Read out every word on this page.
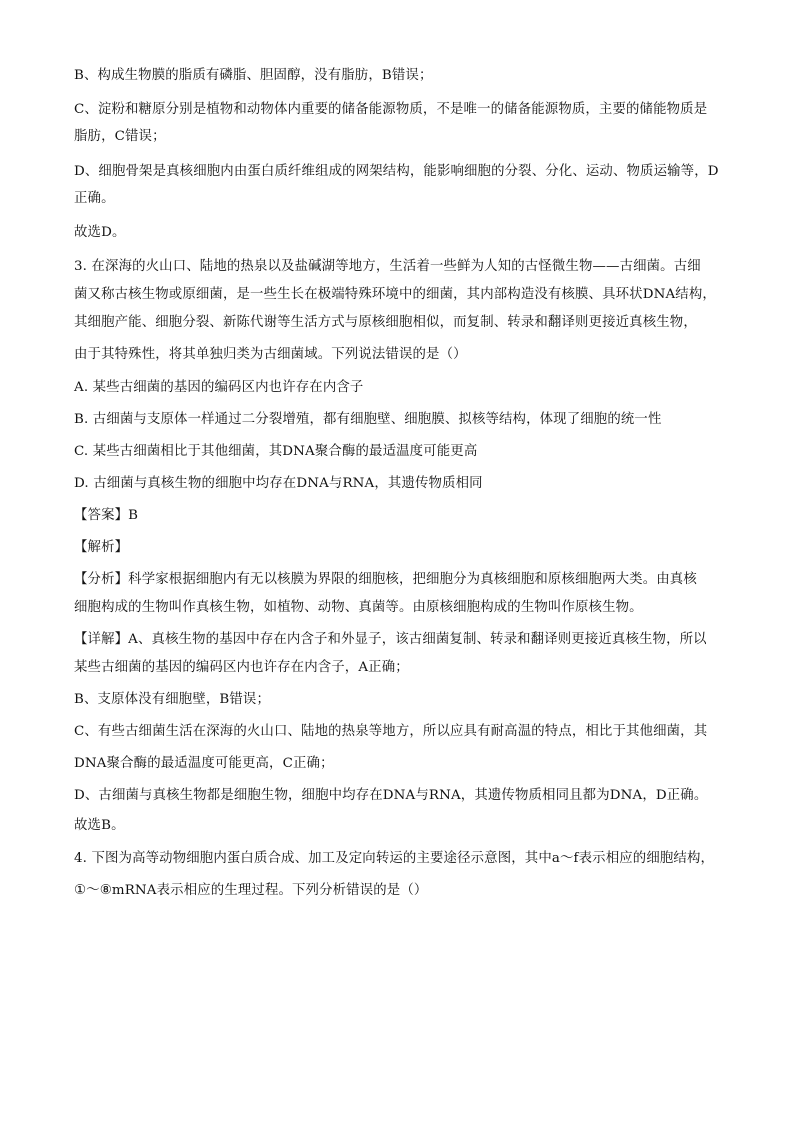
B、构成生物膜的脂质有磷脂、胆固醇，没有脂肪，B错误；
C、淀粉和糖原分别是植物和动物体内重要的储备能源物质，不是唯一的储备能源物质，主要的储能物质是
脂肪，C错误；
D、细胞骨架是真核细胞内由蛋白质纤维组成的网架结构，能影响细胞的分裂、分化、运动、物质运输等，D
正确。
故选D。
3. 在深海的火山口、陆地的热泉以及盐碱湖等地方，生活着一些鲜为人知的古怪微生物——古细菌。古细
菌又称古核生物或原细菌，是一些生长在极端特殊环境中的细菌，其内部构造没有核膜、具环状DNA结构，
其细胞产能、细胞分裂、新陈代谢等生活方式与原核细胞相似，而复制、转录和翻译则更接近真核生物，
由于其特殊性，将其单独归类为古细菌域。下列说法错误的是（）
A. 某些古细菌的基因的编码区内也许存在内含子
B. 古细菌与支原体一样通过二分裂增殖，都有细胞壁、细胞膜、拟核等结构，体现了细胞的统一性
C. 某些古细菌相比于其他细菌，其DNA聚合酶的最适温度可能更高
D. 古细菌与真核生物的细胞中均存在DNA与RNA，其遗传物质相同
【答案】B
【解析】
【分析】科学家根据细胞内有无以核膜为界限的细胞核，把细胞分为真核细胞和原核细胞两大类。由真核
细胞构成的生物叫作真核生物，如植物、动物、真菌等。由原核细胞构成的生物叫作原核生物。
【详解】A、真核生物的基因中存在内含子和外显子，该古细菌复制、转录和翻译则更接近真核生物，所以
某些古细菌的基因的编码区内也许存在内含子，A正确；
B、支原体没有细胞壁，B错误；
C、有些古细菌生活在深海的火山口、陆地的热泉等地方，所以应具有耐高温的特点，相比于其他细菌，其
DNA聚合酶的最适温度可能更高，C正确；
D、古细菌与真核生物都是细胞生物，细胞中均存在DNA与RNA，其遗传物质相同且都为DNA，D正确。
故选B。
4. 下图为高等动物细胞内蛋白质合成、加工及定向转运的主要途径示意图，其中a～f表示相应的细胞结构，
①～⑧mRNA表示相应的生理过程。下列分析错误的是（）
